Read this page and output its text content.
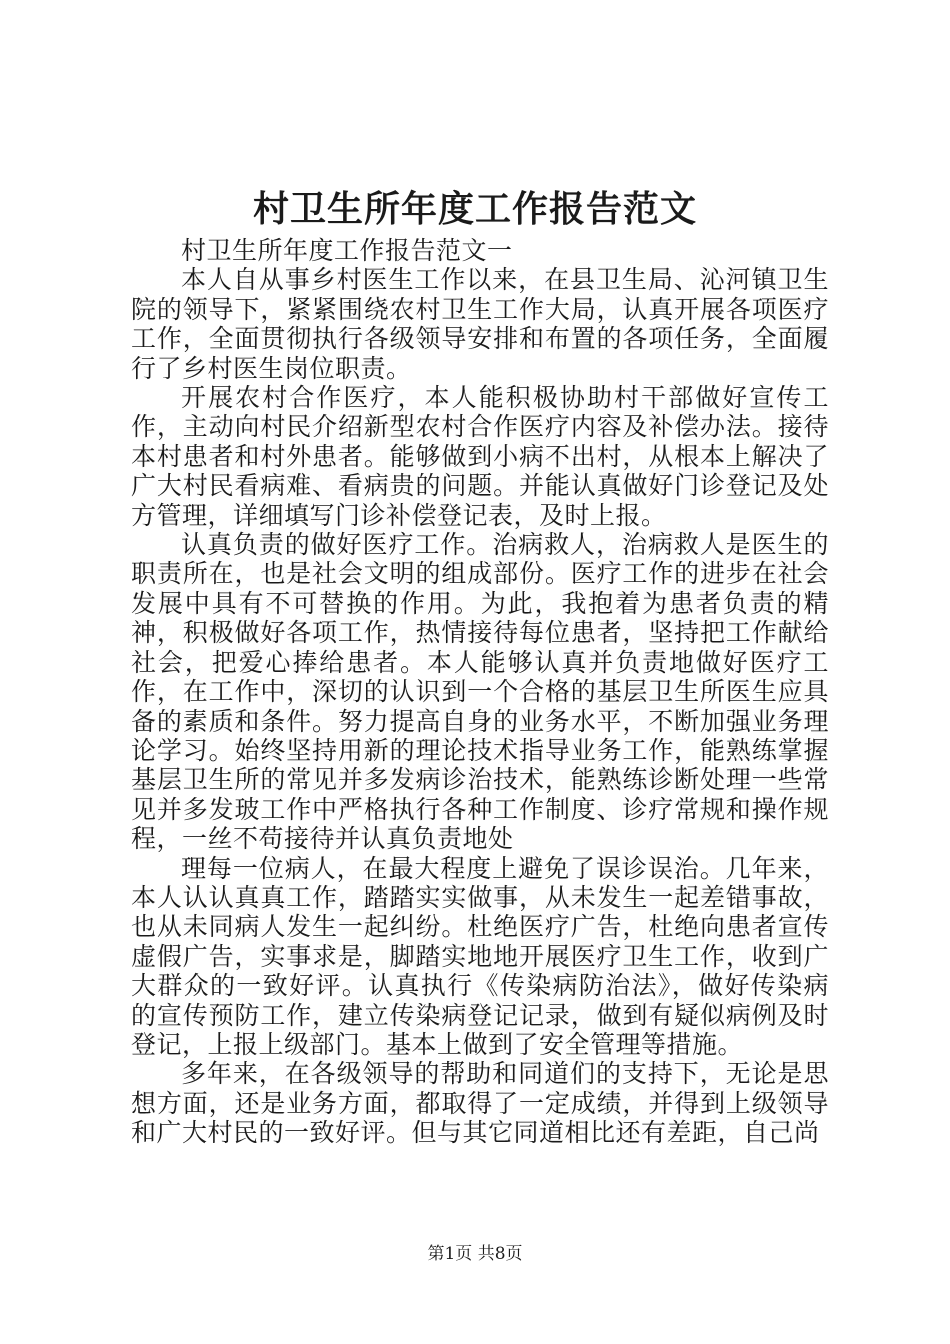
村卫生所年度工作报告范文

村卫生所年度工作报告范文一

本人自从事乡村医生工作以来，在县卫生局、沁河镇卫生院的领导下，紧紧围绕农村卫生工作大局，认真开展各项医疗工作，全面贯彻执行各级领导安排和布置的各项任务，全面履行了乡村医生岗位职责。

开展农村合作医疗，本人能积极协助村干部做好宣传工作，主动向村民介绍新型农村合作医疗内容及补偿办法。接待本村患者和村外患者。能够做到小病不出村，从根本上解决了广大村民看病难、看病贵的问题。并能认真做好门诊登记及处方管理，详细填写门诊补偿登记表，及时上报。

认真负责的做好医疗工作。治病救人，治病救人是医生的职责所在，也是社会文明的组成部份。医疗工作的进步在社会发展中具有不可替换的作用。为此，我抱着为患者负责的精神，积极做好各项工作，热情接待每位患者，坚持把工作献给社会，把爱心捧给患者。本人能够认真并负责地做好医疗工作，在工作中，深切的认识到一个合格的基层卫生所医生应具备的素质和条件。努力提高自身的业务水平，不断加强业务理论学习。始终坚持用新的理论技术指导业务工作，能熟练掌握基层卫生所的常见并多发病诊治技术，能熟练诊断处理一些常见并多发玻工作中严格执行各种工作制度、诊疗常规和操作规程，一丝不苟接待并认真负责地处

理每一位病人，在最大程度上避免了误诊误治。几年来，本人认认真真工作，踏踏实实做事，从未发生一起差错事故，也从未同病人发生一起纠纷。杜绝医疗广告，杜绝向患者宣传虚假广告，实事求是，脚踏实地地开展医疗卫生工作，收到广大群众的一致好评。认真执行《传染病防治法》，做好传染病的宣传预防工作，建立传染病登记记录，做到有疑似病例及时登记，上报上级部门。基本上做到了安全管理等措施。

多年来，在各级领导的帮助和同道们的支持下，无论是思想方面，还是业务方面，都取得了一定成绩，并得到上级领导和广大村民的一致好评。但与其它同道相比还有差距，自己尚

第1页 共8页
